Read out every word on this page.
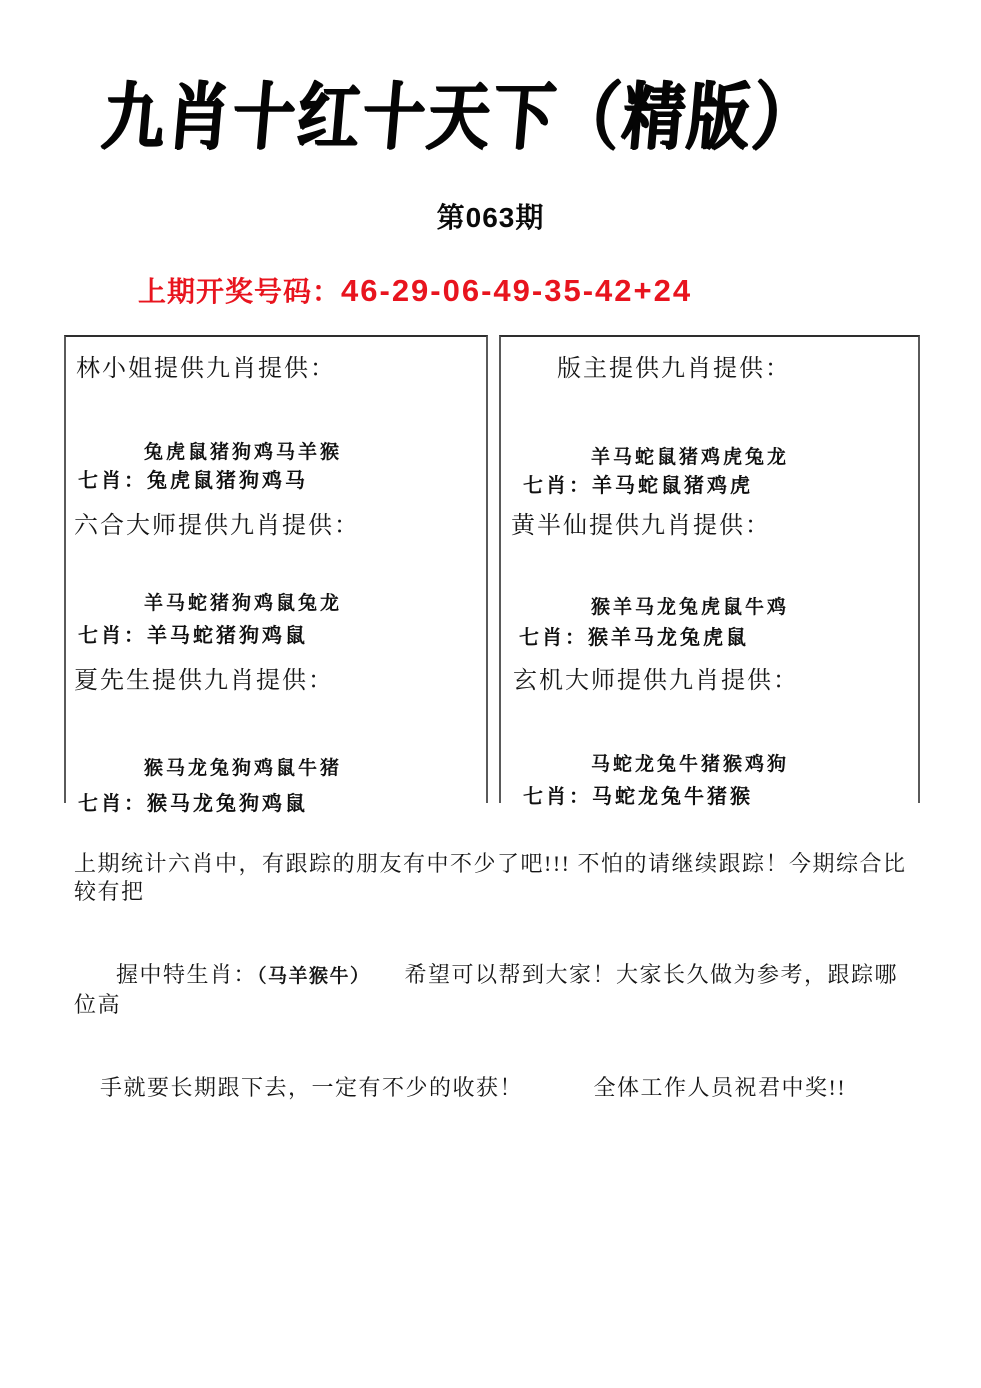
九肖十红十天下（精版）
第063期
上期开奖号码：46-29-06-49-35-42+24
林小姐提供九肖提供：
兔虎鼠猪狗鸡马羊猴
七肖：兔虎鼠猪狗鸡马
六合大师提供九肖提供：
羊马蛇猪狗鸡鼠兔龙
七肖：羊马蛇猪狗鸡鼠
夏先生提供九肖提供：
猴马龙兔狗鸡鼠牛猪
七肖：猴马龙兔狗鸡鼠
版主提供九肖提供：
羊马蛇鼠猪鸡虎兔龙
七肖：羊马蛇鼠猪鸡虎
黄半仙提供九肖提供：
猴羊马龙兔虎鼠牛鸡
七肖：猴羊马龙兔虎鼠
玄机大师提供九肖提供：
马蛇龙兔牛猪猴鸡狗
七肖：马蛇龙兔牛猪猴
上期统计六肖中，有跟踪的朋友有中不少了吧!!! 不怕的请继续跟踪！今期综合比较有把

握中特生肖：（马羊猴牛） 希望可以帮到大家！大家长久做为参考，跟踪哪位高

手就要长期跟下去，一定有不少的收获！　　　全体工作人员祝君中奖!!
